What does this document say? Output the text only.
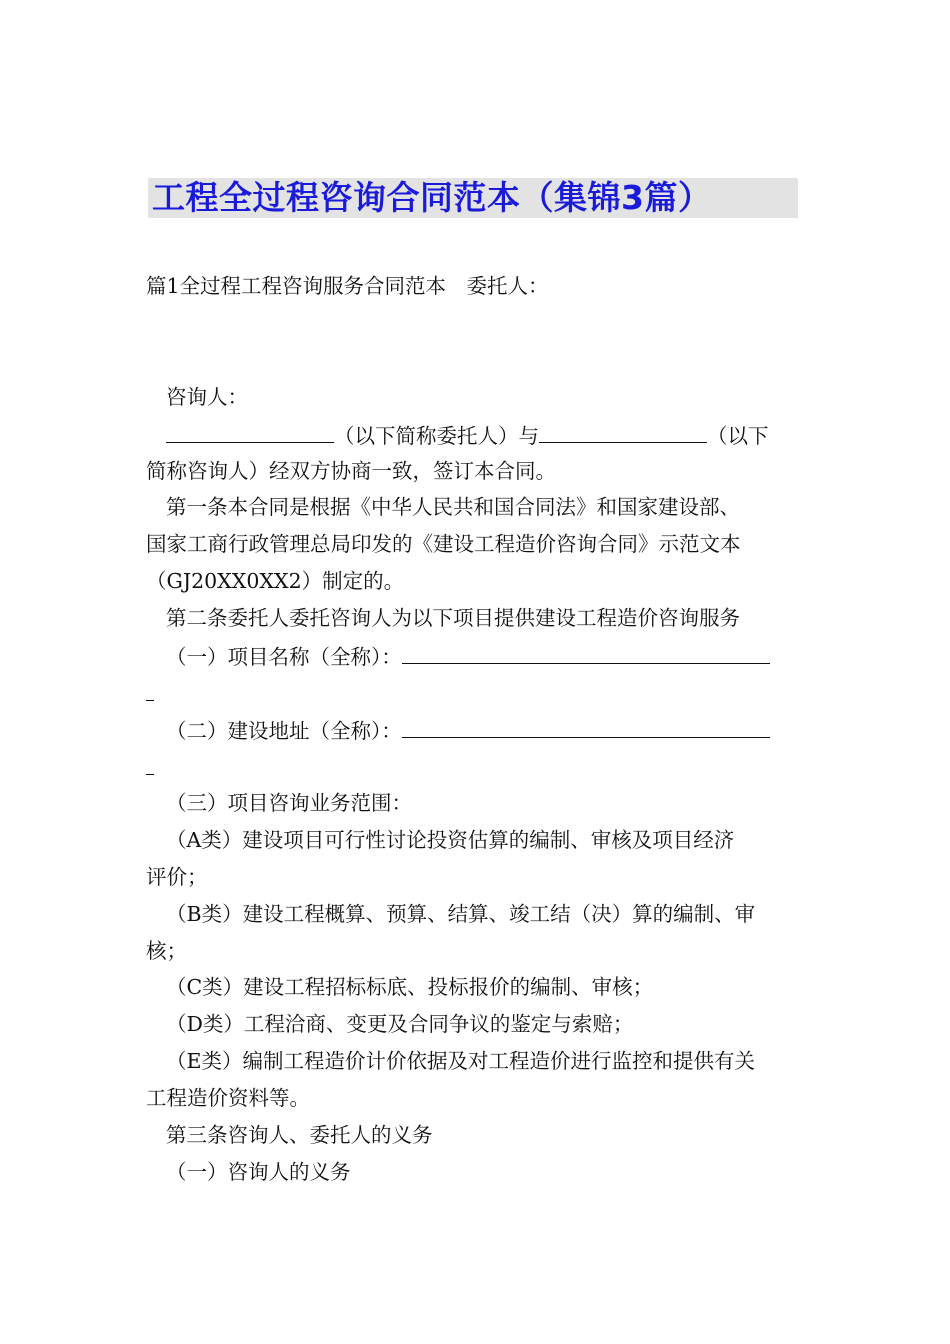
工程全过程咨询合同范本（集锦3篇）
篇1全过程工程咨询服务合同范本　委托人：
咨询人：
（以下简称委托人）与	（以下
简称咨询人）经双方协商一致，签订本合同。
第一条本合同是根据《中华人民共和国合同法》和国家建设部、
国家工商行政管理总局印发的《建设工程造价咨询合同》示范文本
（GJ20XX0XX2）制定的。
第二条委托人委托咨询人为以下项目提供建设工程造价咨询服务
（一）项目名称（全称）：
（二）建设地址（全称）：
（三）项目咨询业务范围：
（A类）建设项目可行性讨论投资估算的编制、审核及项目经济
评价；
（B类）建设工程概算、预算、结算、竣工结（决）算的编制、审
核；
（C类）建设工程招标标底、投标报价的编制、审核；
（D类）工程洽商、变更及合同争议的鉴定与索赔；
（E类）编制工程造价计价依据及对工程造价进行监控和提供有关
工程造价资料等。
第三条咨询人、委托人的义务
（一）咨询人的义务
